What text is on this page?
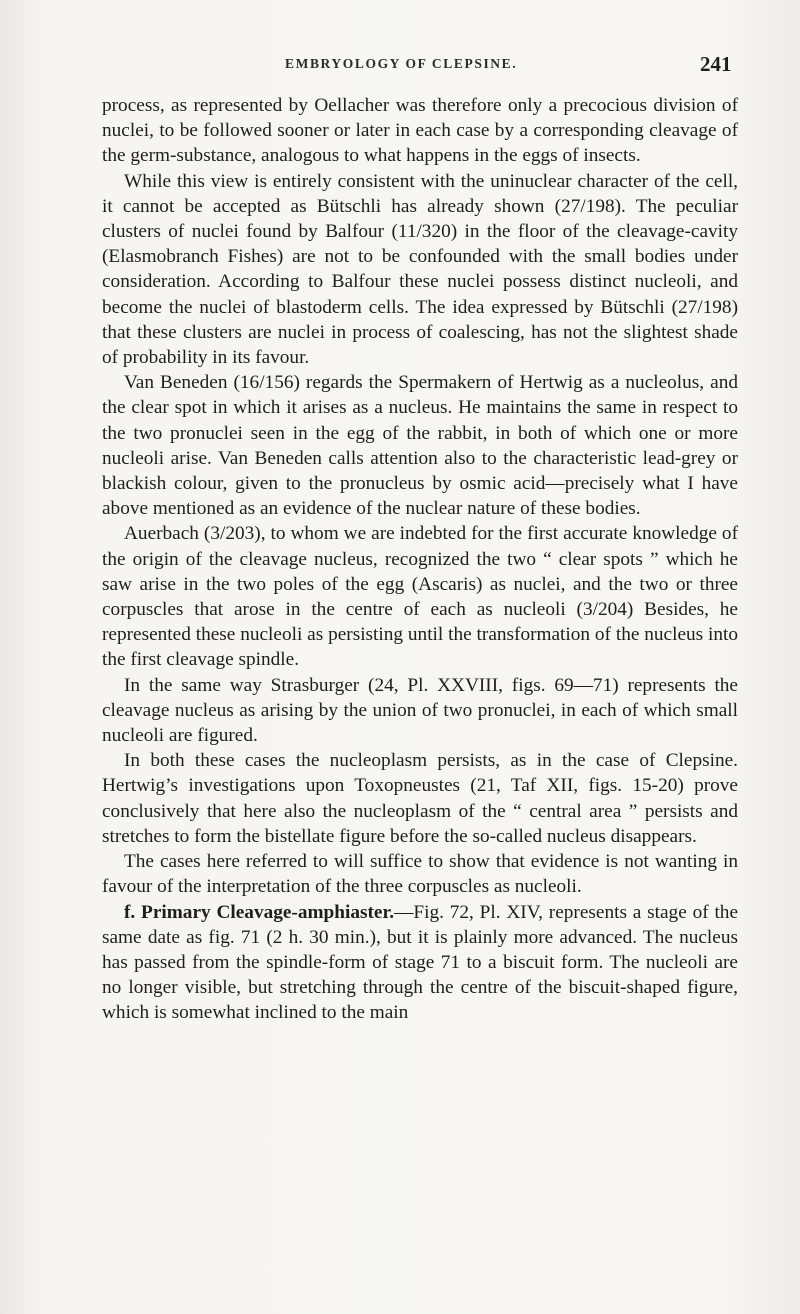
EMBRYOLOGY OF CLEPSINE.	241

process, as represented by Oellacher was therefore only a precocious division of nuclei, to be followed sooner or later in each case by a corresponding cleavage of the germ-substance, analogous to what happens in the eggs of insects.

While this view is entirely consistent with the uninuclear character of the cell, it cannot be accepted as Bütschli has already shown (27/198). The peculiar clusters of nuclei found by Balfour (11/320) in the floor of the cleavage-cavity (Elasmobranch Fishes) are not to be confounded with the small bodies under consideration. According to Balfour these nuclei possess distinct nucleoli, and become the nuclei of blastoderm cells. The idea expressed by Bütschli (27/198) that these clusters are nuclei in process of coalescing, has not the slightest shade of probability in its favour.

Van Beneden (16/156) regards the Spermakern of Hertwig as a nucleolus, and the clear spot in which it arises as a nucleus. He maintains the same in respect to the two pronuclei seen in the egg of the rabbit, in both of which one or more nucleoli arise. Van Beneden calls attention also to the characteristic lead-grey or blackish colour, given to the pronucleus by osmic acid—precisely what I have above mentioned as an evidence of the nuclear nature of these bodies.

Auerbach (3/203), to whom we are indebted for the first accurate knowledge of the origin of the cleavage nucleus, recognized the two “ clear spots ” which he saw arise in the two poles of the egg (Ascaris) as nuclei, and the two or three corpuscles that arose in the centre of each as nucleoli (3/204) Besides, he represented these nucleoli as persisting until the transformation of the nucleus into the first cleavage spindle.

In the same way Strasburger (24, Pl. XXVIII, figs. 69—71) represents the cleavage nucleus as arising by the union of two pronuclei, in each of which small nucleoli are figured.

In both these cases the nucleoplasm persists, as in the case of Clepsine. Hertwig’s investigations upon Toxopneustes (21, Taf XII, figs. 15-20) prove conclusively that here also the nucleoplasm of the “ central area ” persists and stretches to form the bistellate figure before the so-called nucleus disappears.

The cases here referred to will suffice to show that evidence is not wanting in favour of the interpretation of the three corpuscles as nucleoli.

f. Primary Cleavage-amphiaster.—Fig. 72, Pl. XIV, represents a stage of the same date as fig. 71 (2 h. 30 min.), but it is plainly more advanced. The nucleus has passed from the spindle-form of stage 71 to a biscuit form. The nucleoli are no longer visible, but stretching through the centre of the biscuit-shaped figure, which is somewhat inclined to the main
